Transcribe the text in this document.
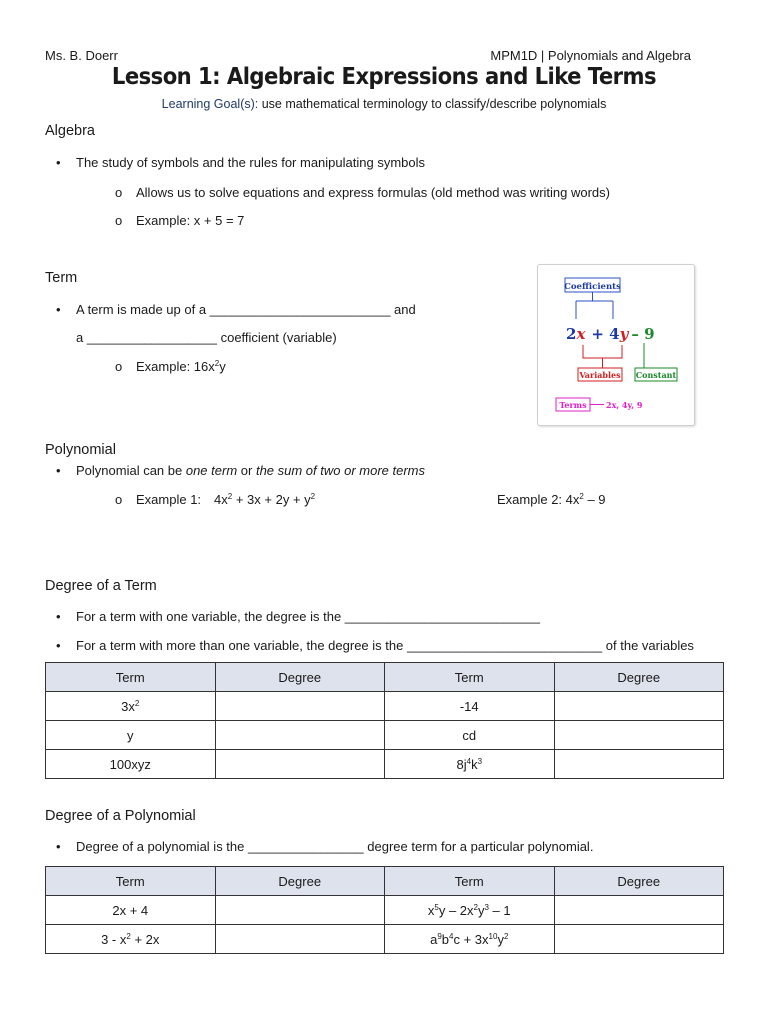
Ms. B. Doerr	MPM1D | Polynomials and Algebra
Lesson 1: Algebraic Expressions and Like Terms
Learning Goal(s): use mathematical terminology to classify/describe polynomials
Algebra
The study of symbols and the rules for manipulating symbols
o Allows us to solve equations and express formulas (old method was writing words)
o Example: x + 5 = 7
Term
A term is made up of a _________________________ and
a __________________ coefficient (variable)
o Example: $16x^2y$
Coefficients
2x + 4y – 9
Variables Constant
Terms 2x, 4y, 9
Polynomial
Polynomial can be one term or the sum of two or more terms
o Example 1: $4x^2 + 3x + 2y + y^2$	Example 2: $4x^2 - 9$
Degree of a Term
For a term with one variable, the degree is the ___________________________
For a term with more than one variable, the degree is the ___________________________ of the variables
Term	Degree	Term	Degree
$3x^2$		-14	
y		cd	
100xyz		$8j^4k^3$	
Degree of a Polynomial
Degree of a polynomial is the ________________ degree term for a particular polynomial.
Term	Degree	Term	Degree
2x + 4		$x^5y - 2x^2y^3 - 1$	
$3 - x^2 + 2x$		$a^9b^4c + 3x^{10}y^2$	
